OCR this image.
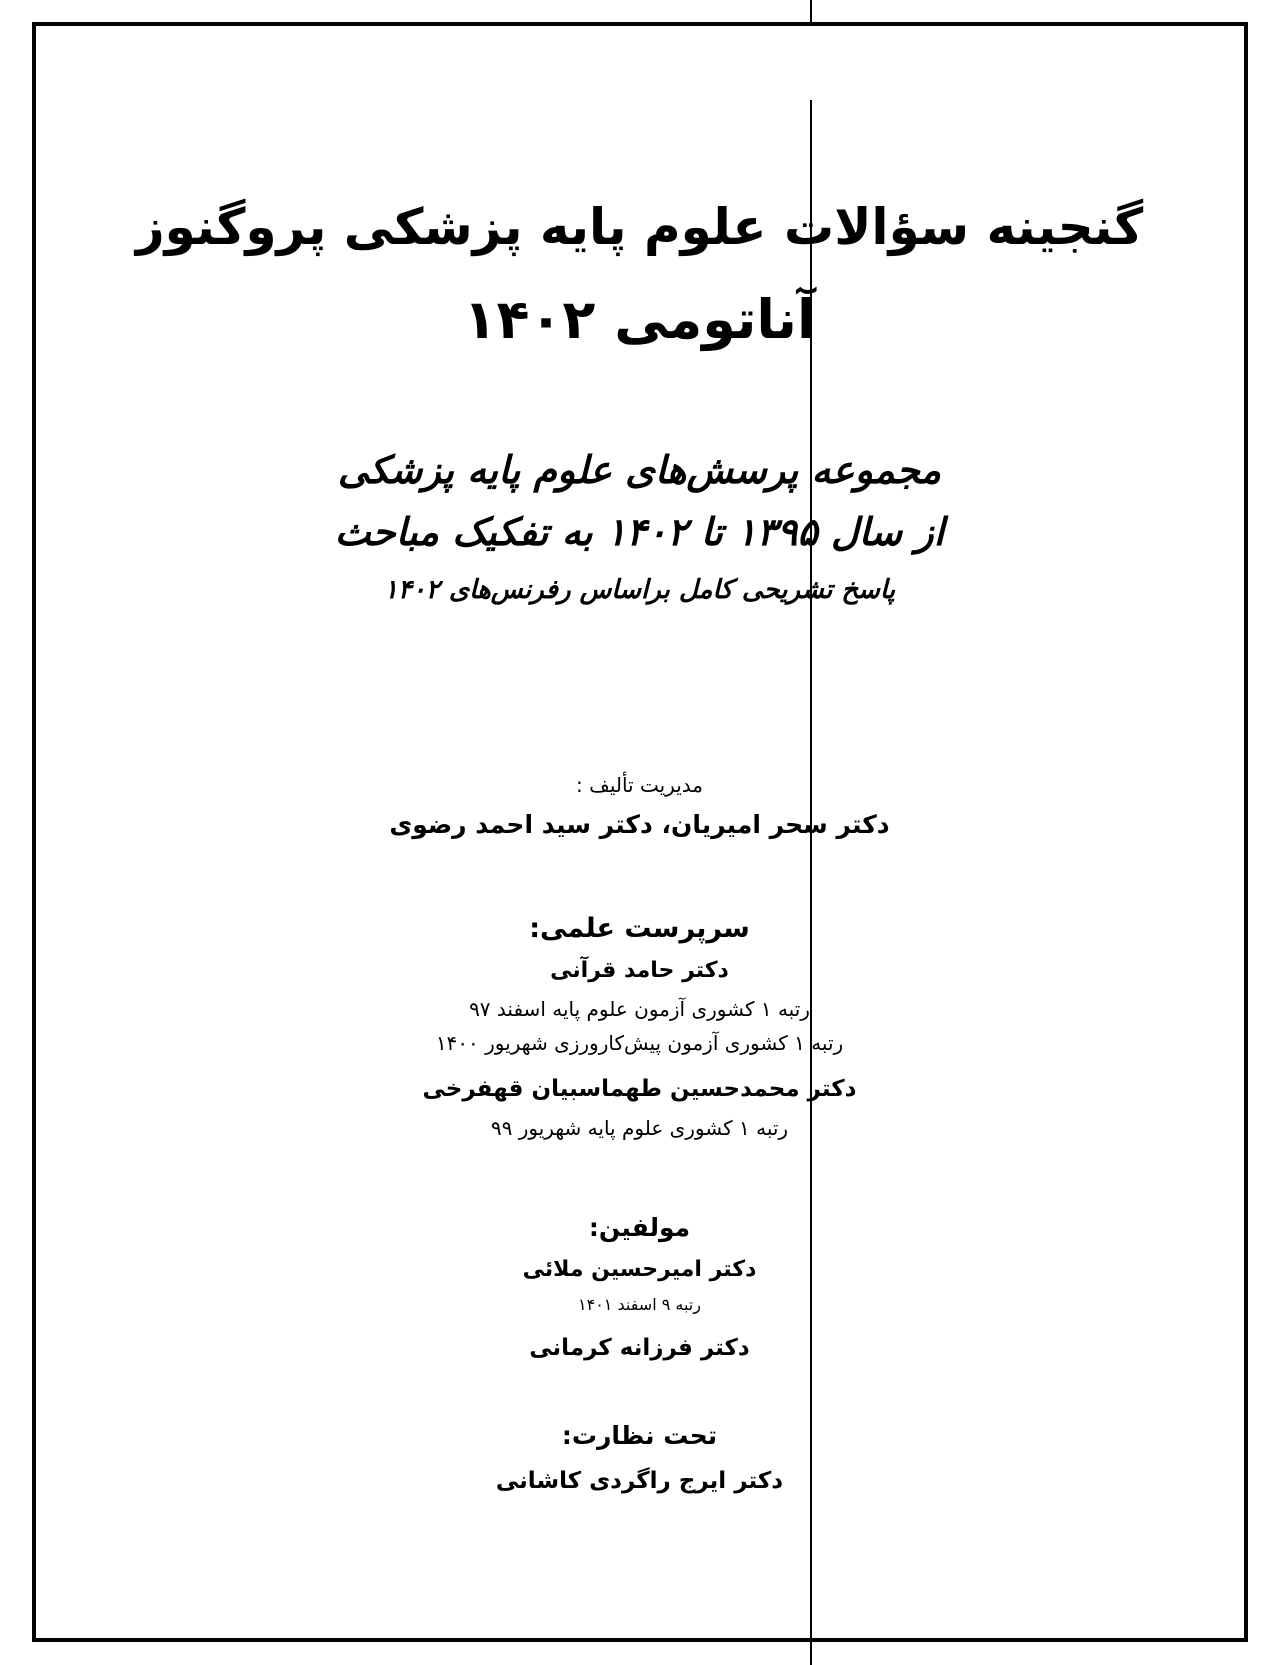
گنجینه سؤالات علوم پایه پزشکی پروگنوز
آناتومی ۱۴۰۲
مجموعه پرسش‌های علوم پایه پزشکی
از سال ۱۳۹۵ تا ۱۴۰۲ به تفکیک مباحث
پاسخ تشریحی کامل براساس رفرنس‌های ۱۴۰۲
مدیریت تألیف :
دکتر سحر امیریان، دکتر سید احمد رضوی
سرپرست علمی:
دکتر حامد قرآنی
رتبه ۱ کشوری آزمون علوم پایه اسفند ۹۷
رتبه ۱ کشوری آزمون پیش‌کارورزی شهریور ۱۴۰۰
دکتر محمدحسین طهماسبیان قهفرخی
رتبه ۱ کشوری علوم پایه شهریور ۹۹
مولفین:
دکتر امیرحسین ملائی
رتبه ۹ اسفند ۱۴۰۱
دکتر فرزانه کرمانی
تحت نظارت:
دکتر ایرج راگردی کاشانی
